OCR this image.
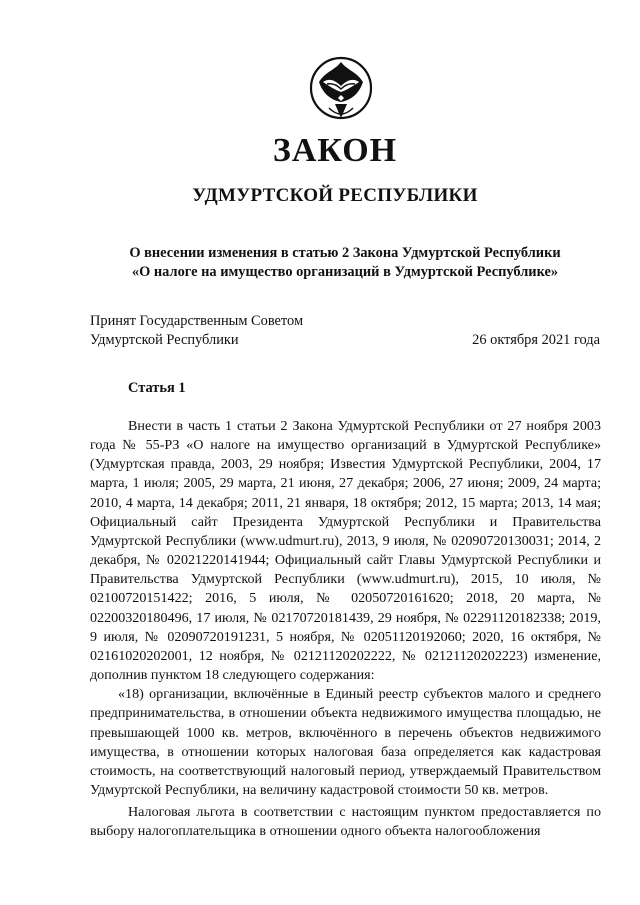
ЗАКОН
УДМУРТСКОЙ РЕСПУБЛИКИ
О внесении изменения в статью 2 Закона Удмуртской Республики
«О налоге на имущество организаций в Удмуртской Республике»
Принят Государственным Советом
Удмуртской Республики	26 октября 2021 года
Статья 1

Внести в часть 1 статьи 2 Закона Удмуртской Республики от 27 ноября 2003 года № 55-РЗ «О налоге на имущество организаций в Удмуртской Республике» (Удмуртская правда, 2003, 29 ноября; Известия Удмуртской Республики, 2004, 17 марта, 1 июля; 2005, 29 марта, 21 июня, 27 декабря; 2006, 27 июня; 2009, 24 марта; 2010, 4 марта, 14 декабря; 2011, 21 января, 18 октября; 2012, 15 марта; 2013, 14 мая; Официальный сайт Президента Удмуртской Республики и Правительства Удмуртской Республики (www.udmurt.ru), 2013, 9 июля, № 02090720130031; 2014, 2 декабря, № 02021220141944; Официальный сайт Главы Удмуртской Республики и Правительства Удмуртской Республики (www.udmurt.ru), 2015, 10 июля, № 02100720151422; 2016, 5 июля, № 02050720161620; 2018, 20 марта, № 02200320180496, 17 июля, № 02170720181439, 29 ноября, № 02291120182338; 2019, 9 июля, № 02090720191231, 5 ноября, № 02051120192060; 2020, 16 октября, № 02161020202001, 12 ноября, № 02121120202222, № 02121120202223) изменение, дополнив пунктом 18 следующего содержания:

«18) организации, включённые в Единый реестр субъектов малого и среднего предпринимательства, в отношении объекта недвижимого имущества площадью, не превышающей 1000 кв. метров, включённого в перечень объектов недвижимого имущества, в отношении которых налоговая база определяется как кадастровая стоимость, на соответствующий налоговый период, утверждаемый Правительством Удмуртской Республики, на величину кадастровой стоимости 50 кв. метров.

Налоговая льгота в соответствии с настоящим пунктом предоставляется по выбору налогоплательщика в отношении одного объекта налогообложения
